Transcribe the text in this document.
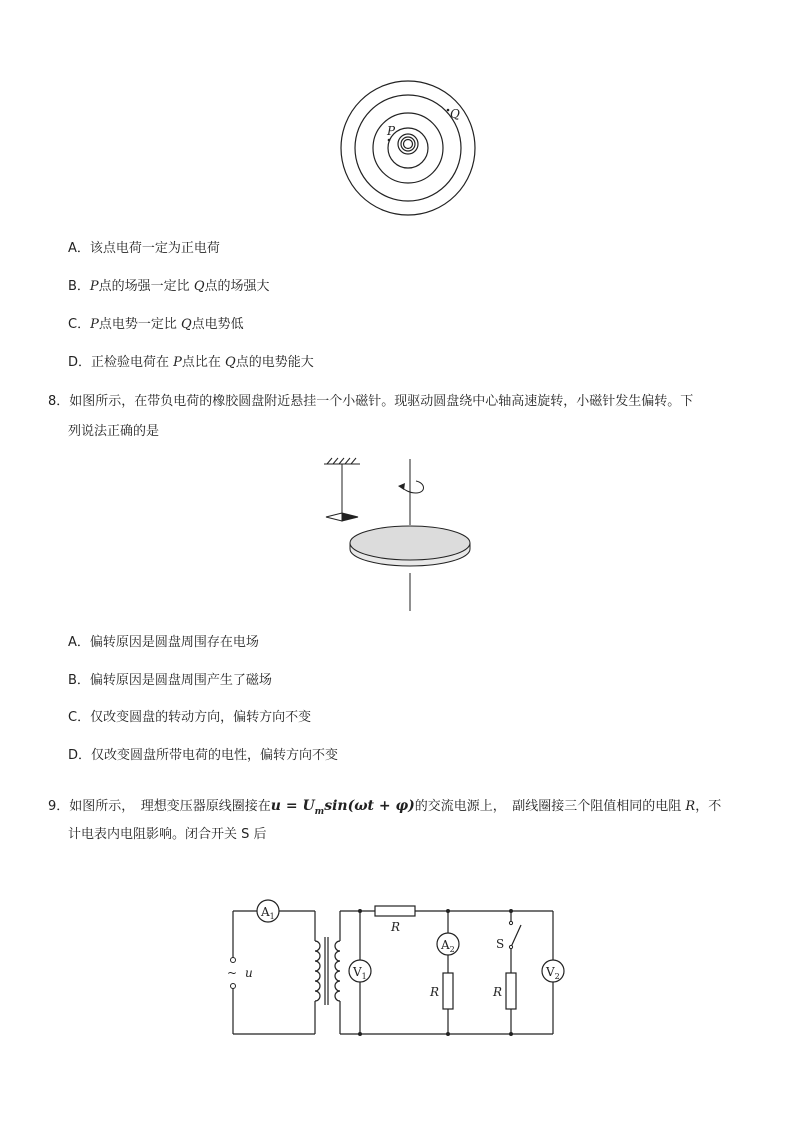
P
Q
A．该点电荷一定为正电荷
B．P点的场强一定比 Q点的场强大
C．P点电势一定比 Q点电势低
D．正检验电荷在 P点比在 Q点的电势能大
8．如图所示，在带负电荷的橡胶圆盘附近悬挂一个小磁针。现驱动圆盘绕中心轴高速旋转，小磁针发生偏转。下
列说法正确的是
A．偏转原因是圆盘周围存在电场
B．偏转原因是圆盘周围产生了磁场
C．仅改变圆盘的转动方向，偏转方向不变
D．仅改变圆盘所带电荷的电性，偏转方向不变
9．如图所示，　理想变压器原线圈接在$u = U_m\sin(\omega t + \varphi)$的交流电源上，　副线圈接三个阻值相同的电阻 R，不
计电表内电阻影响。闭合开关 S 后
~ u
S
$A_1$
$V_1$
$A_2$
$V_2$
R
R	R
